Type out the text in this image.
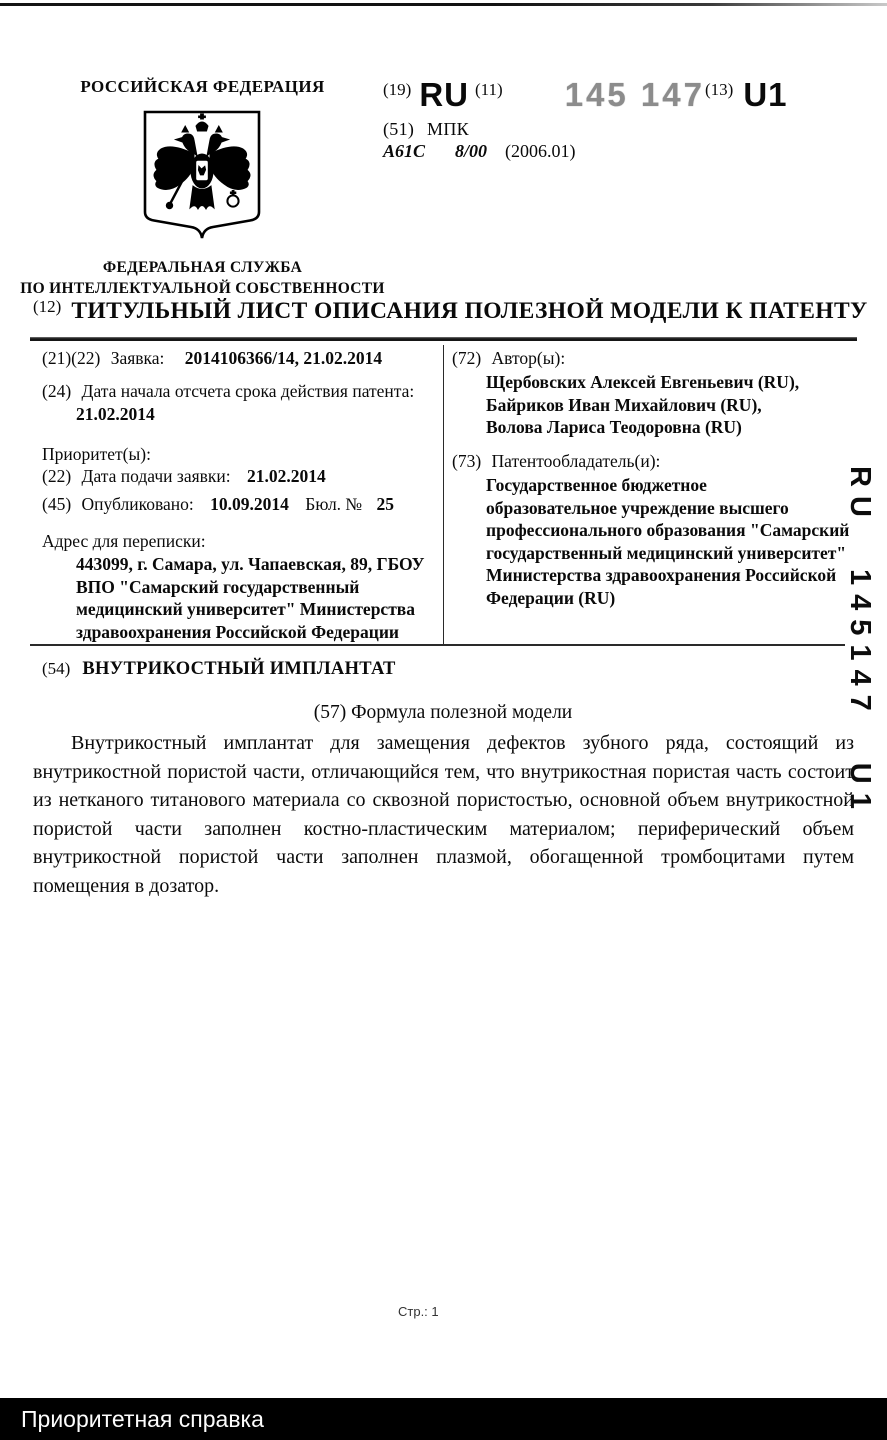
РОССИЙСКАЯ ФЕДЕРАЦИЯ
ФЕДЕРАЛЬНАЯ СЛУЖБА
ПО ИНТЕЛЛЕКТУАЛЬНОЙ СОБСТВЕННОСТИ
(19) RU (11) 145 147 (13) U1
(51) МПК
A61C 8/00 (2006.01)
(12) ТИТУЛЬНЫЙ ЛИСТ ОПИСАНИЯ ПОЛЕЗНОЙ МОДЕЛИ К ПАТЕНТУ
(21)(22) Заявка: 2014106366/14, 21.02.2014
(24) Дата начала отсчета срока действия патента:
21.02.2014
Приоритет(ы):
(22) Дата подачи заявки: 21.02.2014
(45) Опубликовано: 10.09.2014 Бюл. № 25
Адрес для переписки:
443099, г. Самара, ул. Чапаевская, 89, ГБОУ
ВПО "Самарский государственный
медицинский университет" Министерства
здравоохранения Российской Федерации
(72) Автор(ы):
Щербовских Алексей Евгеньевич (RU),
Байриков Иван Михайлович (RU),
Волова Лариса Теодоровна (RU)
(73) Патентообладатель(и):
Государственное бюджетное
образовательное учреждение высшего
профессионального образования "Самарский
государственный медицинский университет"
Министерства здравоохранения Российской
Федерации (RU)
(54) ВНУТРИКОСТНЫЙ ИМПЛАНТАТ
(57) Формула полезной модели
Внутрикостный имплантат для замещения дефектов зубного ряда, состоящий из внутрикостной пористой части, отличающийся тем, что внутрикостная пористая часть состоит из нетканого титанового материала со сквозной пористостью, основной объем внутрикостной пористой части заполнен костно-пластическим материалом; периферический объем внутрикостной пористой части заполнен плазмой, обогащенной тромбоцитами путем помещения в дозатор.
RU 145147 U1
Стр.: 1
Приоритетная справка
